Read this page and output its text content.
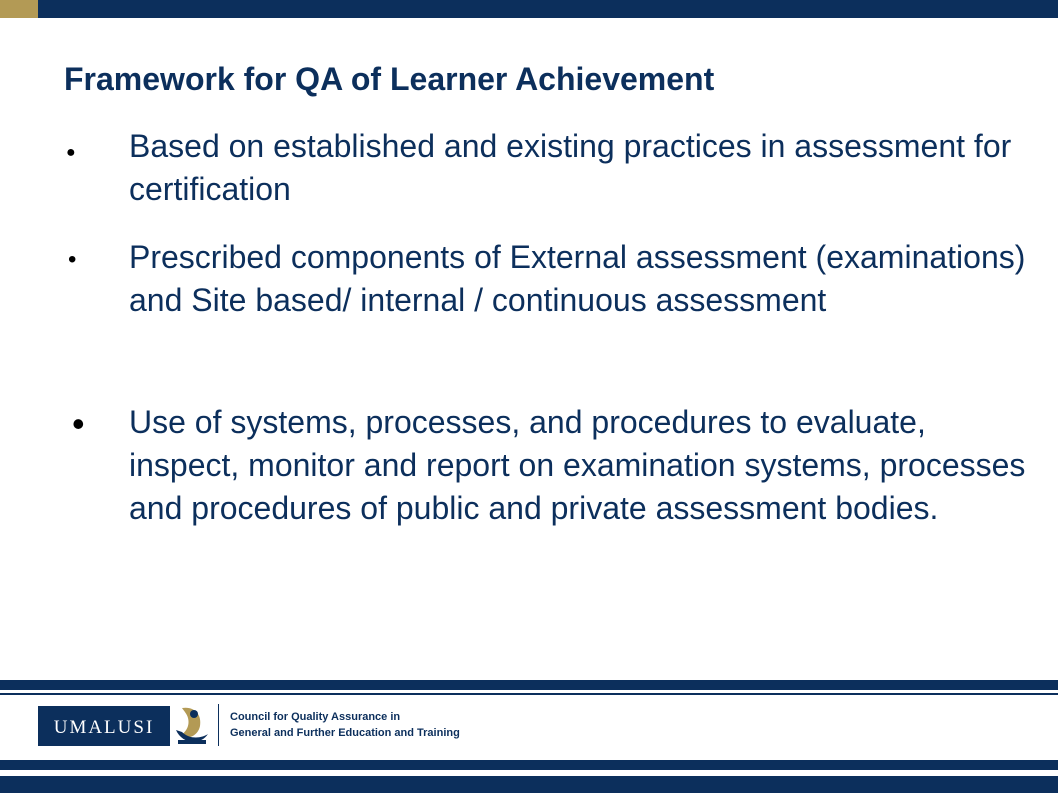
Framework for QA of Learner Achievement
● Based on established and existing practices in assessment for certification
• Prescribed components of External assessment (examinations) and Site based/ internal / continuous assessment
• Use of systems, processes, and procedures to evaluate, inspect, monitor and report on examination systems, processes and procedures of public and private assessment bodies.
UMALUSI	Council for Quality Assurance in
General and Further Education and Training
